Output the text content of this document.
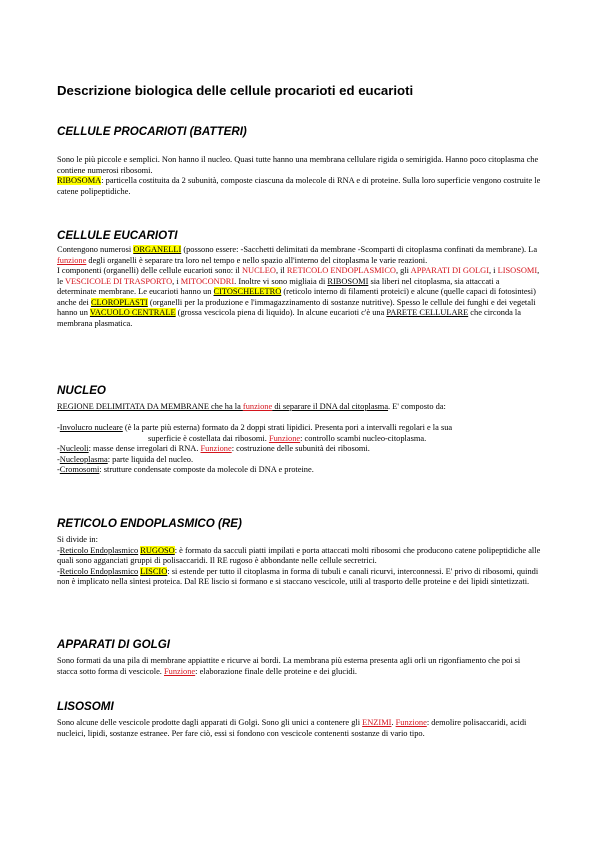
Descrizione biologica delle cellule procarioti ed eucarioti
CELLULE PROCARIOTI (BATTERI)
Sono le più piccole e semplici. Non hanno il nucleo. Quasi tutte hanno una membrana cellulare rigida o semirigida. Hanno poco citoplasma che contiene numerosi ribosomi.
RIBOSOMA: particella costituita da 2 subunità, composte ciascuna da molecole di RNA e di proteine. Sulla loro superficie vengono costruite le catene polipeptidiche.
CELLULE EUCARIOTI
Contengono numerosi ORGANELLI (possono essere: -Sacchetti delimitati da membrane -Scomparti di citoplasma confinati da membrane). La funzione degli organelli è separare tra loro nel tempo e nello spazio all'interno del citoplasma le varie reazioni.
I componenti (organelli) delle cellule eucarioti sono: il NUCLEO, il RETICOLO ENDOPLASMICO, gli APPARATI DI GOLGI, i LISOSOMI, le VESCICOLE DI TRASPORTO, i MITOCONDRI. Inoltre vi sono migliaia di RIBOSOMI sia liberi nel citoplasma, sia attaccati a determinate membrane. Le eucarioti hanno un CITOSCHELETRO (reticolo interno di filamenti proteici) e alcune (quelle capaci di fotosintesi) anche dei CLOROPLASTI (organelli per la produzione e l'immagazzinamento di sostanze nutritive). Spesso le cellule dei funghi e dei vegetali hanno un VACUOLO CENTRALE (grossa vescicola piena di liquido). In alcune eucarioti c'è una PARETE CELLULARE che circonda la membrana plasmatica.
NUCLEO
REGIONE DELIMITATA DA MEMBRANE che ha la funzione di separare il DNA dal citoplasma. E' composto da:
-Involucro nucleare (è la parte più esterna) formato da 2 doppi strati lipidici. Presenta pori a intervalli regolari e la sua
superficie è costellata dai ribosomi. Funzione: controllo scambi nucleo-citoplasma.
-Nucleoli: masse dense irregolari di RNA. Funzione: costruzione delle subunità dei ribosomi.
-Nucleoplasma: parte liquida del nucleo.
-Cromosomi: strutture condensate composte da molecole di DNA e proteine.
RETICOLO ENDOPLASMICO (RE)
Si divide in:
-Reticolo Endoplasmico RUGOSO: è formato da sacculi piatti impilati e porta attaccati molti ribosomi che producono catene polipeptidiche alle quali sono agganciati gruppi di polisaccaridi. Il RE rugoso è abbondante nelle cellule secretrici.
-Reticolo Endoplasmico LISCIO: si estende per tutto il citoplasma in forma di tubuli e canali ricurvi, interconnessi. E' privo di ribosomi, quindi non è implicato nella sintesi proteica. Dal RE liscio si formano e si staccano vescicole, utili al trasporto delle proteine e dei lipidi sintetizzati.
APPARATI DI GOLGI
Sono formati da una pila di membrane appiattite e ricurve ai bordi. La membrana più esterna presenta agli orli un rigonfiamento che poi si stacca sotto forma di vescicole. Funzione: elaborazione finale delle proteine e dei glucidi.
LISOSOMI
Sono alcune delle vescicole prodotte dagli apparati di Golgi. Sono gli unici a contenere gli ENZIMI. Funzione: demolire polisaccaridi, acidi nucleici, lipidi, sostanze estranee. Per fare ciò, essi si fondono con vescicole contenenti sostanze di vario tipo.
